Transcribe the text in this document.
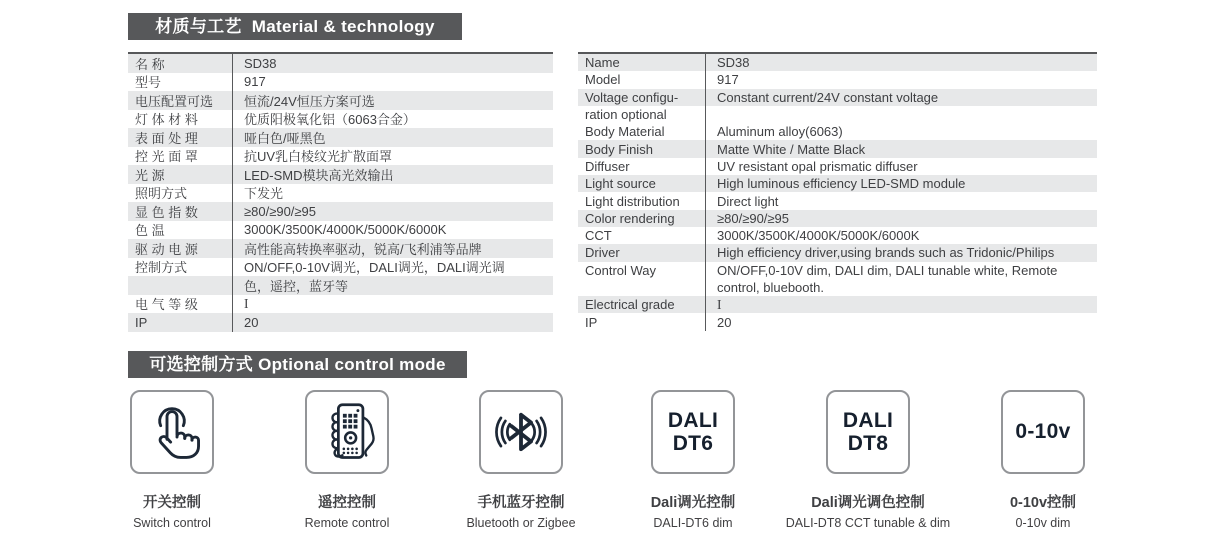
材质与工艺  Material & technology
名 称	SD38
型号	917
电压配置可选	恒流/24V恒压方案可选
灯 体 材 料	优质阳极氧化铝（6063合金）
表 面 处 理	哑白色/哑黑色
控 光 面 罩	抗UV乳白棱纹光扩散面罩
光 源	LED-SMD模块高光效输出
照明方式	下发光
显 色 指 数	≥80/≥90/≥95
色 温	3000K/3500K/4000K/5000K/6000K
驱 动 电 源	高性能高转换率驱动，锐高/飞利浦等品牌
控制方式	ON/OFF,0-10V调光，DALI调光，DALI调光调
色，遥控，蓝牙等
电 气 等 级	I
IP	20
Name	SD38
Model	917
Voltage configu-	Constant current/24V constant voltage
ration optional
Body Material	Aluminum alloy(6063)
Body Finish	Matte White / Matte Black
Diffuser	UV resistant opal prismatic diffuser
Light source	High luminous efficiency LED-SMD module
Light distribution	Direct light
Color rendering	≥80/≥90/≥95
CCT	3000K/3500K/4000K/5000K/6000K
Driver	High efficiency driver,using brands such as Tridonic/Philips
Control Way	ON/OFF,0-10V dim, DALI dim, DALI tunable white, Remote
control, bluebooth.
Electrical grade	I
IP	20
可选控制方式 Optional control mode
开关控制
Switch control
遥控控制
Remote control
手机蓝牙控制
Bluetooth or Zigbee
DALI
DT6
Dali调光控制
DALI-DT6 dim
DALI
DT8
Dali调光调色控制
DALI-DT8 CCT tunable & dim
0-10v
0-10v控制
0-10v dim
